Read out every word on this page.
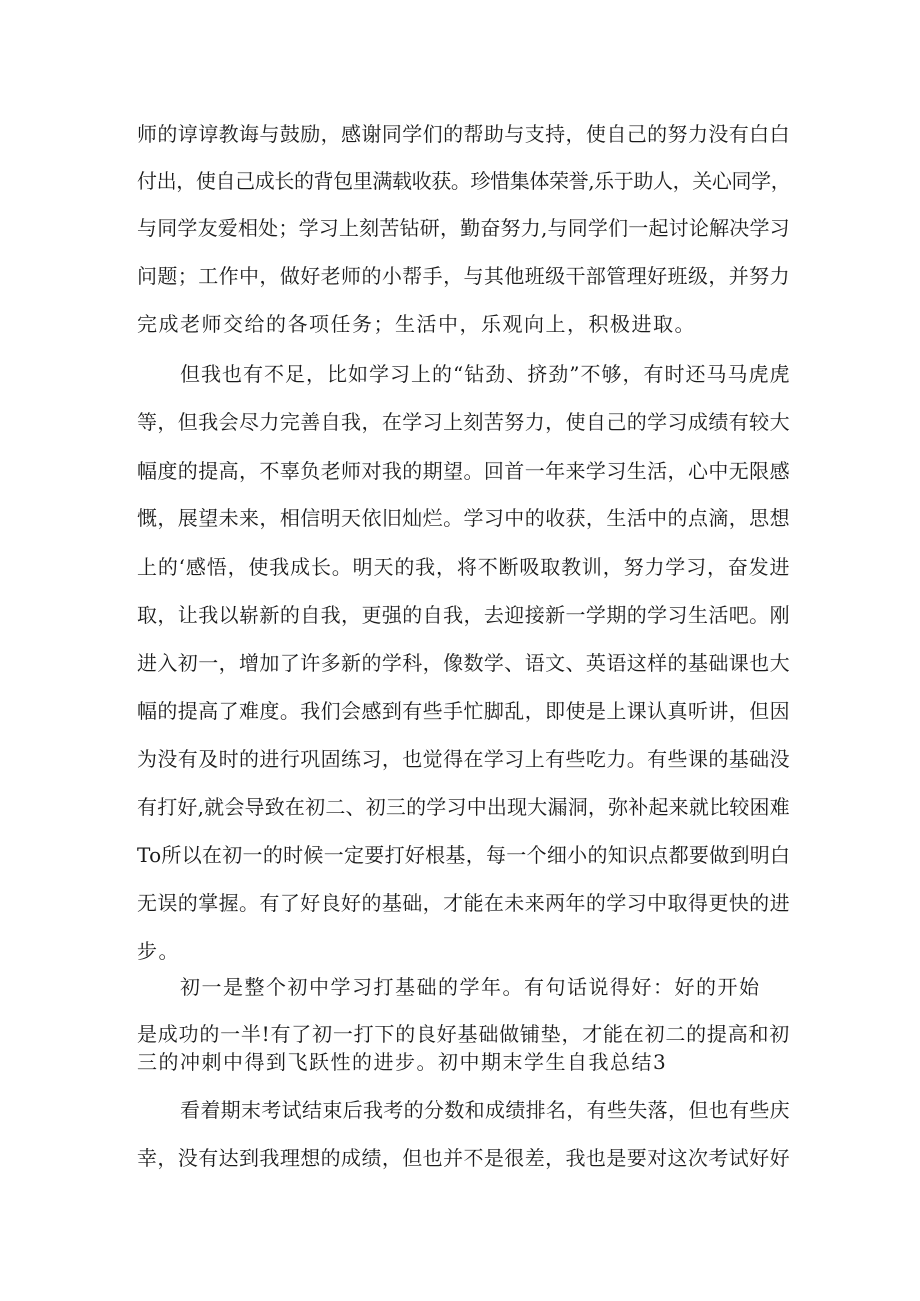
师的谆谆教诲与鼓励，感谢同学们的帮助与支持，使自己的努力没有白白

付出，使自己成长的背包里满载收获。珍惜集体荣誉,乐于助人，关心同学，

与同学友爱相处；学习上刻苦钻研，勤奋努力,与同学们一起讨论解决学习

问题；工作中，做好老师的小帮手，与其他班级干部管理好班级，并努力

完成老师交给的各项任务；生活中，乐观向上，积极进取。

但我也有不足，比如学习上的“钻劲、挤劲”不够，有时还马马虎虎

等，但我会尽力完善自我，在学习上刻苦努力，使自己的学习成绩有较大

幅度的提高，不辜负老师对我的期望。回首一年来学习生活，心中无限感

慨，展望未来，相信明天依旧灿烂。学习中的收获，生活中的点滴，思想

上的‘感悟，使我成长。明天的我，将不断吸取教训，努力学习，奋发进

取，让我以崭新的自我，更强的自我，去迎接新一学期的学习生活吧。刚

进入初一，增加了许多新的学科，像数学、语文、英语这样的基础课也大

幅的提高了难度。我们会感到有些手忙脚乱，即使是上课认真听讲，但因

为没有及时的进行巩固练习，也觉得在学习上有些吃力。有些课的基础没

有打好,就会导致在初二、初三的学习中出现大漏洞，弥补起来就比较困难

To所以在初一的时候一定要打好根基，每一个细小的知识点都要做到明白

无误的掌握。有了好良好的基础，才能在未来两年的学习中取得更快的进

步。

初一是整个初中学习打基础的学年。有句话说得好：好的开始

是成功的一半!有了初一打下的良好基础做铺垫，才能在初二的提高和初

三的冲刺中得到飞跃性的进步。初中期末学生自我总结3

看着期末考试结束后我考的分数和成绩排名，有些失落，但也有些庆

幸，没有达到我理想的成绩，但也并不是很差，我也是要对这次考试好好
